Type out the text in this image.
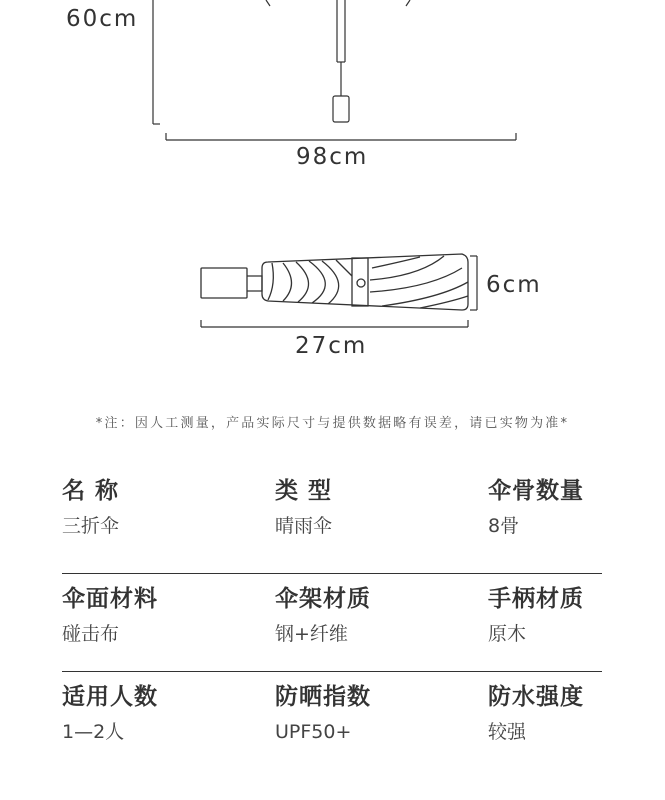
60cm
98cm
6cm
27cm
*注：因人工测量，产品实际尺寸与提供数据略有误差，请已实物为准*
名 称
三折伞
类 型
晴雨伞
伞骨数量
8骨
伞面材料
碰击布
伞架材质
钢+纤维
手柄材质
原木
适用人数
1—2人
防晒指数
UPF50+
防水强度
较强
